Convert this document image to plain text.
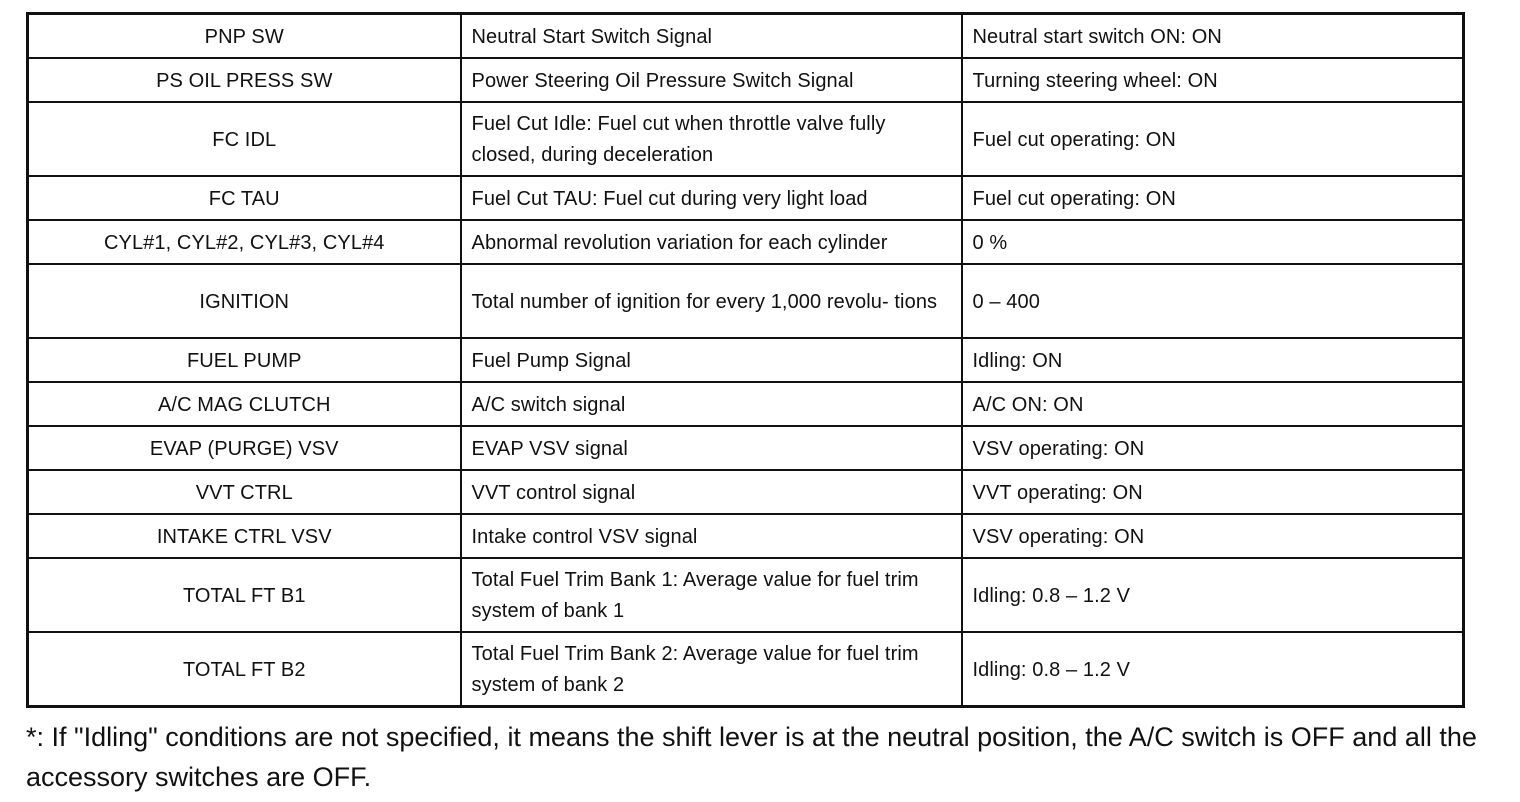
PNP SW	Neutral Start Switch Signal	Neutral start switch ON: ON
PS OIL PRESS SW	Power Steering Oil Pressure Switch Signal	Turning steering wheel: ON
FC IDL	Fuel Cut Idle: Fuel cut when throttle valve fully closed, during deceleration	Fuel cut operating: ON
FC TAU	Fuel Cut TAU: Fuel cut during very light load	Fuel cut operating: ON
CYL#1, CYL#2, CYL#3, CYL#4	Abnormal revolution variation for each cylinder	0 %
IGNITION	Total number of ignition for every 1,000 revolu- tions	0 – 400
FUEL PUMP	Fuel Pump Signal	Idling: ON
A/C MAG CLUTCH	A/C switch signal	A/C ON: ON
EVAP (PURGE) VSV	EVAP VSV signal	VSV operating: ON
VVT CTRL	VVT control signal	VVT operating: ON
INTAKE CTRL VSV	Intake control VSV signal	VSV operating: ON
TOTAL FT B1	Total Fuel Trim Bank 1: Average value for fuel trim system of bank 1	Idling: 0.8 – 1.2 V
TOTAL FT B2	Total Fuel Trim Bank 2: Average value for fuel trim system of bank 2	Idling: 0.8 – 1.2 V
*: If "Idling" conditions are not specified, it means the shift lever is at the neutral position, the A/C switch is OFF and all the accessory switches are OFF.
